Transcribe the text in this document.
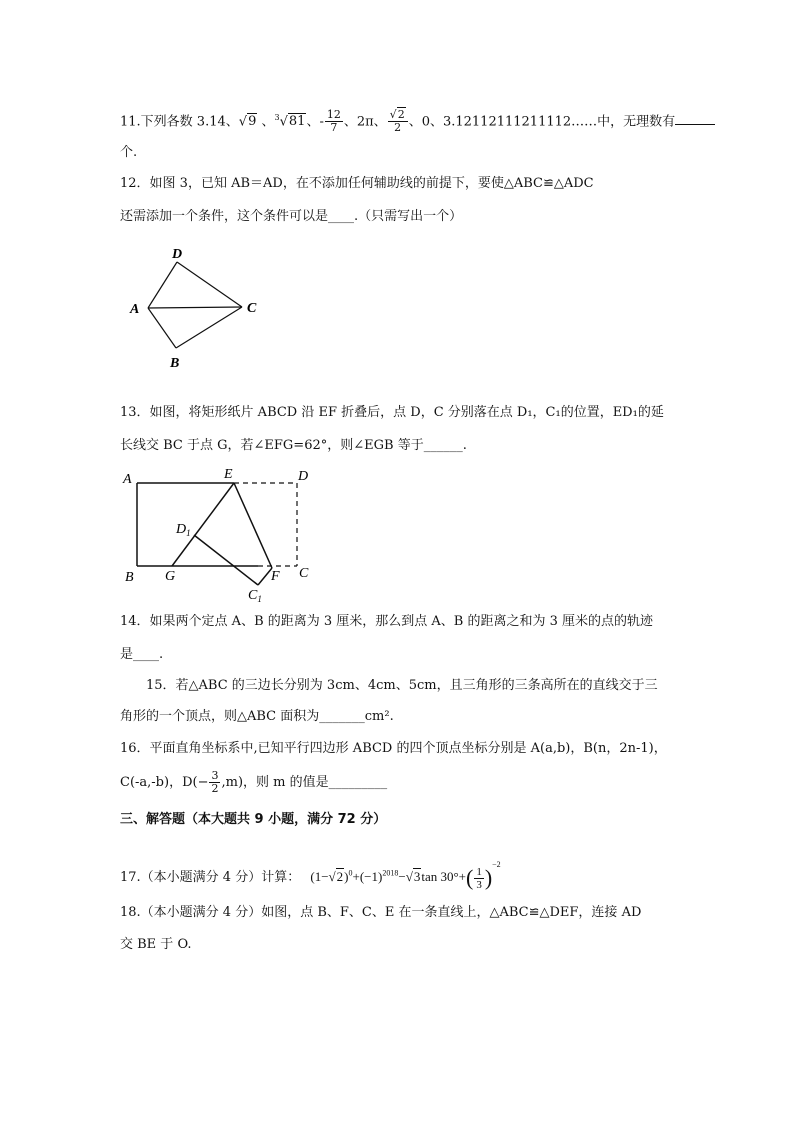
11.下列各数 3.14、√9 、$^3$√81、- $\frac{12}{7}$ 、2π、 $\frac{√2}{2}$ 、0、3.12112111211112……中，无理数有
个.
12．如图 3，已知 AB＝AD，在不添加任何辅助线的前提下，要使△ABC≌△ADC
还需添加一个条件，这个条件可以是____.（只需写出一个）
D
A	C
B
13．如图，将矩形纸片 ABCD 沿 EF 折叠后，点 D，C 分别落在点 D₁，C₁的位置，ED₁的延
长线交 BC 于点 G，若∠EFG=62°，则∠EGB 等于______.
A	E	D
$D_1$
B G	F C
$C_1$
14．如果两个定点 A、B 的距离为 3 厘米，那么到点 A、B 的距离之和为 3 厘米的点的轨迹
是____.
15．若△ABC 的三边长分别为 3cm、4cm、5cm，且三角形的三条高所在的直线交于三
角形的一个顶点，则△ABC 面积为_______cm².
16．平面直角坐标系中,已知平行四边形 ABCD 的四个顶点坐标分别是 A(a,b)，B(n，2n-1)，
C(-a,-b)，$D(- \frac{3}{2} ,m)$，则 m 的值是_________
三、解答题（本大题共 9 小题，满分 72 分）
17.（本小题满分 4 分）计算： $(1-√2)^0+(-1)^{2018}-√3\tan$ $30^\circ+( \frac{1}{3} )^{-2}$
18.（本小题满分 4 分）如图，点 B、F、C、E 在一条直线上，△ABC≌△DEF，连接 AD
交 BE 于 O.
